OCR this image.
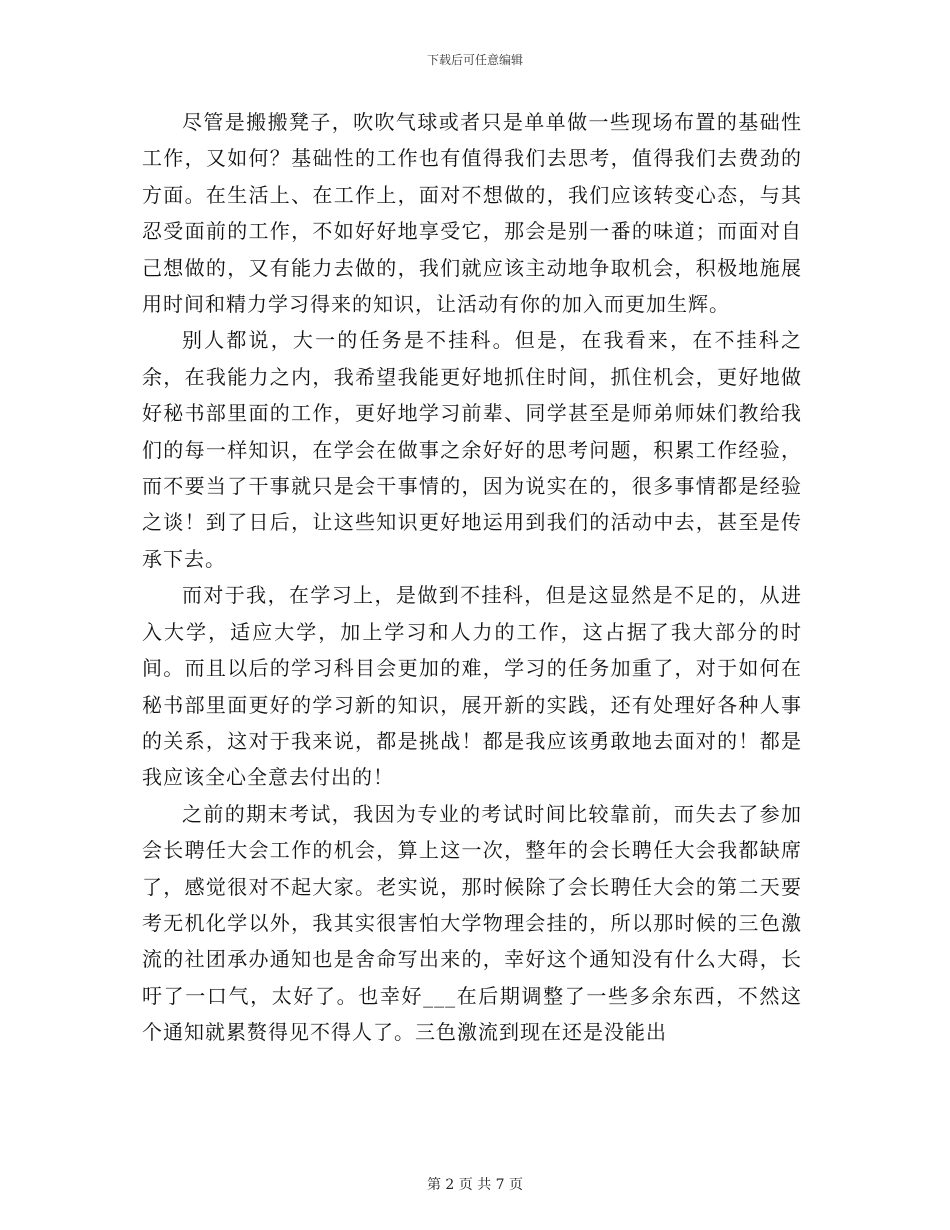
下载后可任意编辑

尽管是搬搬凳子，吹吹气球或者只是单单做一些现场布置的基础性工作，又如何？基础性的工作也有值得我们去思考，值得我们去费劲的方面。在生活上、在工作上，面对不想做的，我们应该转变心态，与其忍受面前的工作，不如好好地享受它，那会是别一番的味道；而面对自己想做的，又有能力去做的，我们就应该主动地争取机会，积极地施展用时间和精力学习得来的知识，让活动有你的加入而更加生辉。

别人都说，大一的任务是不挂科。但是，在我看来，在不挂科之余，在我能力之内，我希望我能更好地抓住时间，抓住机会，更好地做好秘书部里面的工作，更好地学习前辈、同学甚至是师弟师妹们教给我们的每一样知识，在学会在做事之余好好的思考问题，积累工作经验，而不要当了干事就只是会干事情的，因为说实在的，很多事情都是经验之谈！到了日后，让这些知识更好地运用到我们的活动中去，甚至是传承下去。

而对于我，在学习上，是做到不挂科，但是这显然是不足的，从进入大学，适应大学，加上学习和人力的工作，这占据了我大部分的时间。而且以后的学习科目会更加的难，学习的任务加重了，对于如何在秘书部里面更好的学习新的知识，展开新的实践，还有处理好各种人事的关系，这对于我来说，都是挑战！都是我应该勇敢地去面对的！都是我应该全心全意去付出的！

之前的期末考试，我因为专业的考试时间比较靠前，而失去了参加会长聘任大会工作的机会，算上这一次，整年的会长聘任大会我都缺席了，感觉很对不起大家。老实说，那时候除了会长聘任大会的第二天要考无机化学以外，我其实很害怕大学物理会挂的，所以那时候的三色激流的社团承办通知也是舍命写出来的，幸好这个通知没有什么大碍，长吁了一口气，太好了。也幸好___在后期调整了一些多余东西，不然这个通知就累赘得见不得人了。三色激流到现在还是没能出

第 2 页 共 7 页
